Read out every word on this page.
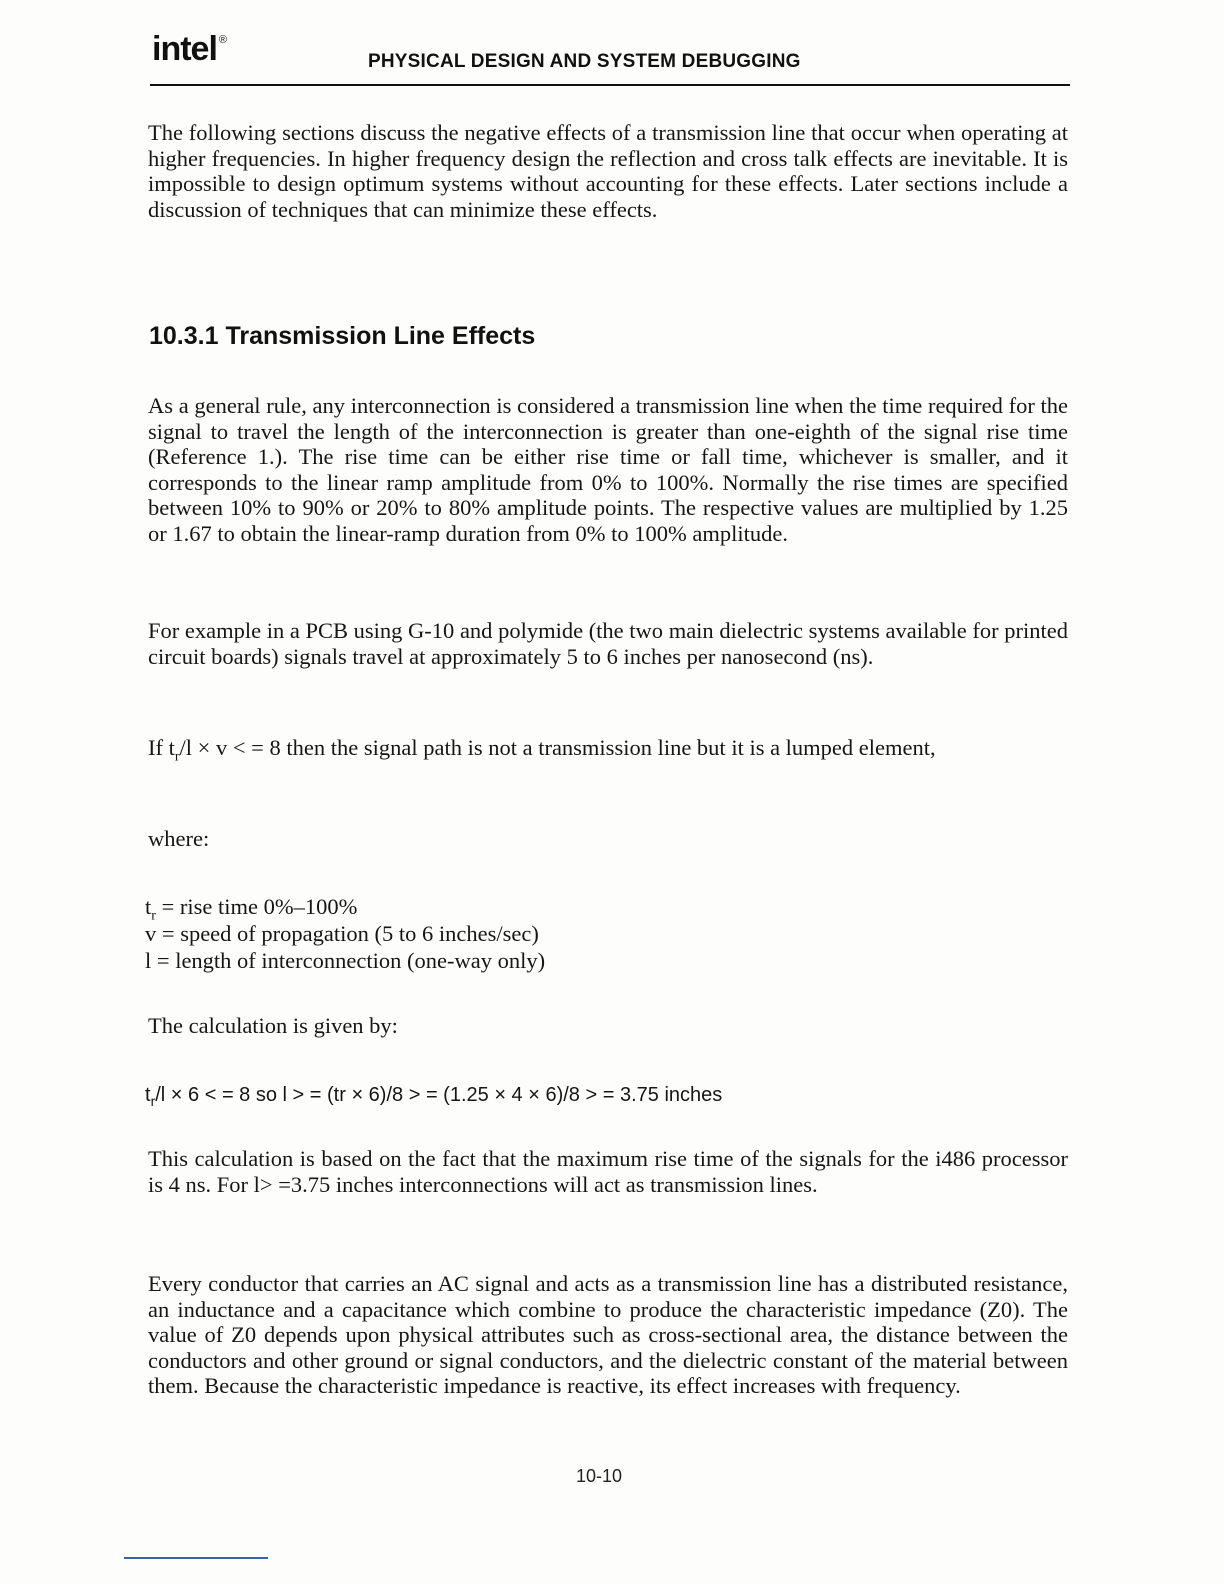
intel ®
PHYSICAL DESIGN AND SYSTEM DEBUGGING
The following sections discuss the negative effects of a transmission line that occur when operating at higher frequencies. In higher frequency design the reflection and cross talk effects are inevitable. It is impossible to design optimum systems without accounting for these effects. Later sections include a discussion of techniques that can minimize these effects.
10.3.1 Transmission Line Effects
As a general rule, any interconnection is considered a transmission line when the time required for the signal to travel the length of the interconnection is greater than one-eighth of the signal rise time (Reference 1.). The rise time can be either rise time or fall time, whichever is smaller, and it corresponds to the linear ramp amplitude from 0% to 100%. Normally the rise times are specified between 10% to 90% or 20% to 80% amplitude points. The respective values are multiplied by 1.25 or 1.67 to obtain the linear-ramp duration from 0% to 100% amplitude.
For example in a PCB using G-10 and polymide (the two main dielectric systems available for printed circuit boards) signals travel at approximately 5 to 6 inches per nanosecond (ns).
If $t_r/l \times v$ < = 8 then the signal path is not a transmission line but it is a lumped element,
where:
$t_r$ = rise time 0%–100%
v = speed of propagation (5 to 6 inches/sec)
l = length of interconnection (one-way only)
The calculation is given by:
$t_r/l \times 6$ < = 8 so l > = (tr × 6)/8 > = (1.25 × 4 × 6)/8 > = 3.75 inches
This calculation is based on the fact that the maximum rise time of the signals for the i486 processor is 4 ns. For l> =3.75 inches interconnections will act as transmission lines.
Every conductor that carries an AC signal and acts as a transmission line has a distributed resistance, an inductance and a capacitance which combine to produce the characteristic impedance (Z0). The value of Z0 depends upon physical attributes such as cross-sectional area, the distance between the conductors and other ground or signal conductors, and the dielectric constant of the material between them. Because the characteristic impedance is reactive, its effect increases with frequency.
10-10
